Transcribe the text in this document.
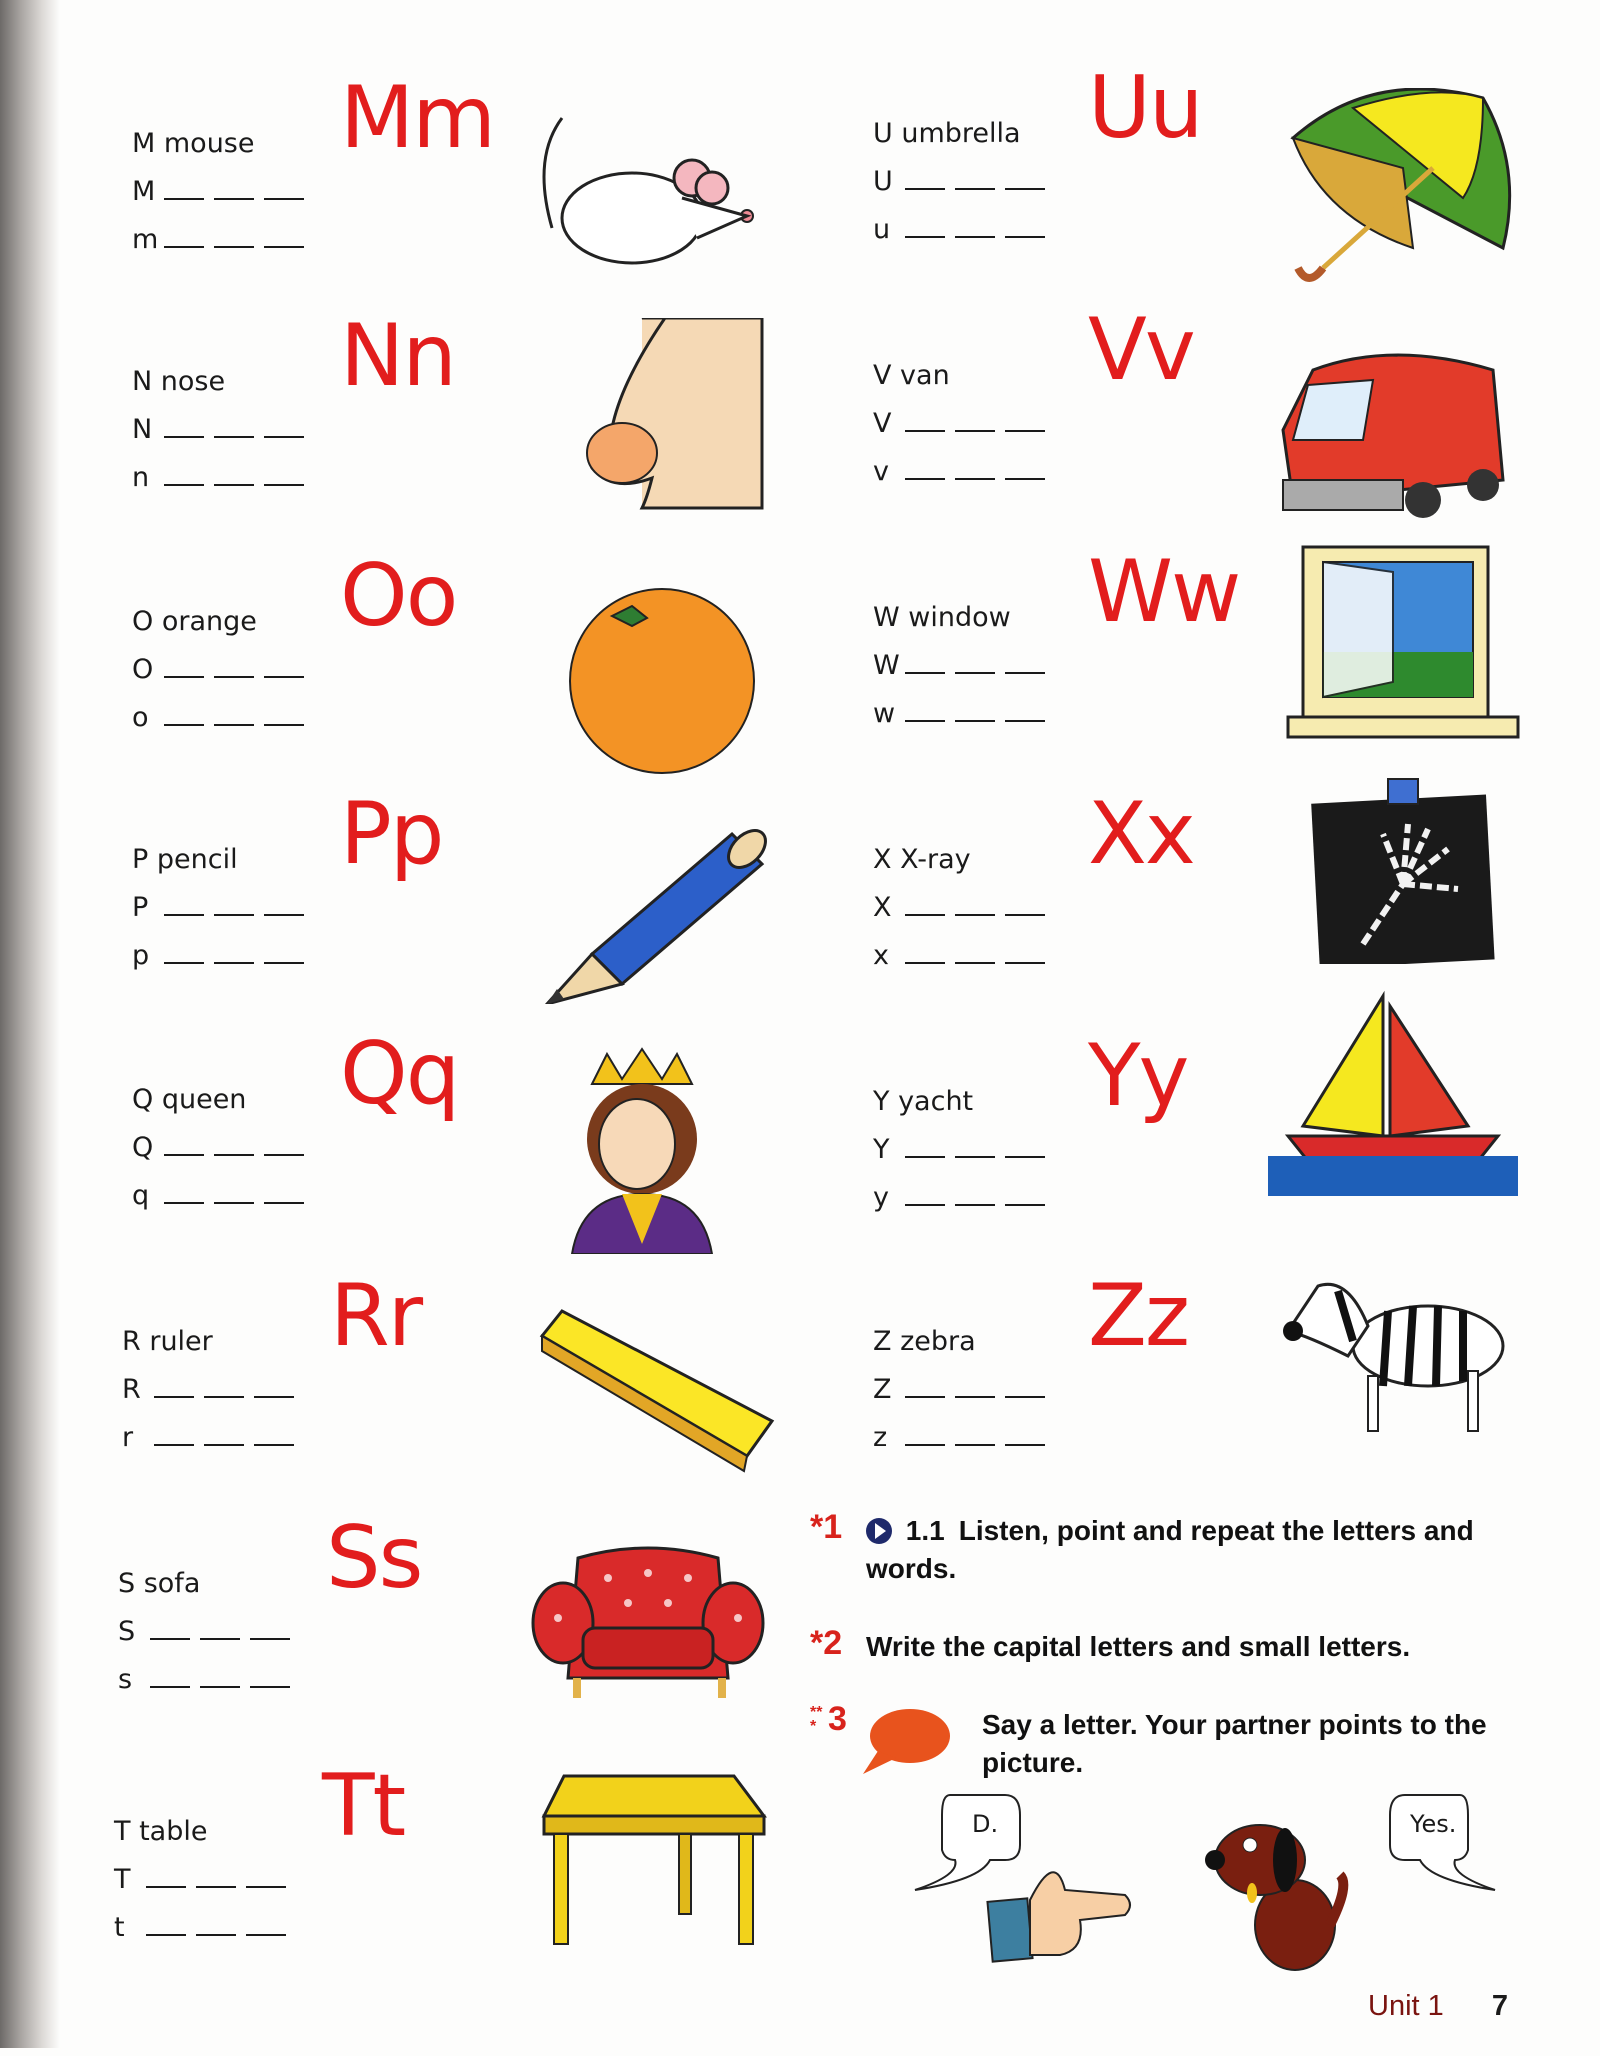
M mouse
M
m
Mm
N nose
N
n
Nn
O orange
O
o
Oo
P pencil
P
p
Pp
Q queen
Q
q
Qq
R ruler
R
r
Rr
S sofa
S
s
Ss
T table
T
t
Tt
U umbrella
U
u
Uu
V van
V
v
Vv
W window
W
w
Ww
X X-ray
X
x
Xx
Y yacht
Y
y
Yy
Z zebra
Z
z
Zz
*1	1.1 Listen, point and repeat the letters and words.
*2 Write the capital letters and small letters.
*** 3	Say a letter. Your partner points to the picture.
D.	Yes.
Unit 1 7
